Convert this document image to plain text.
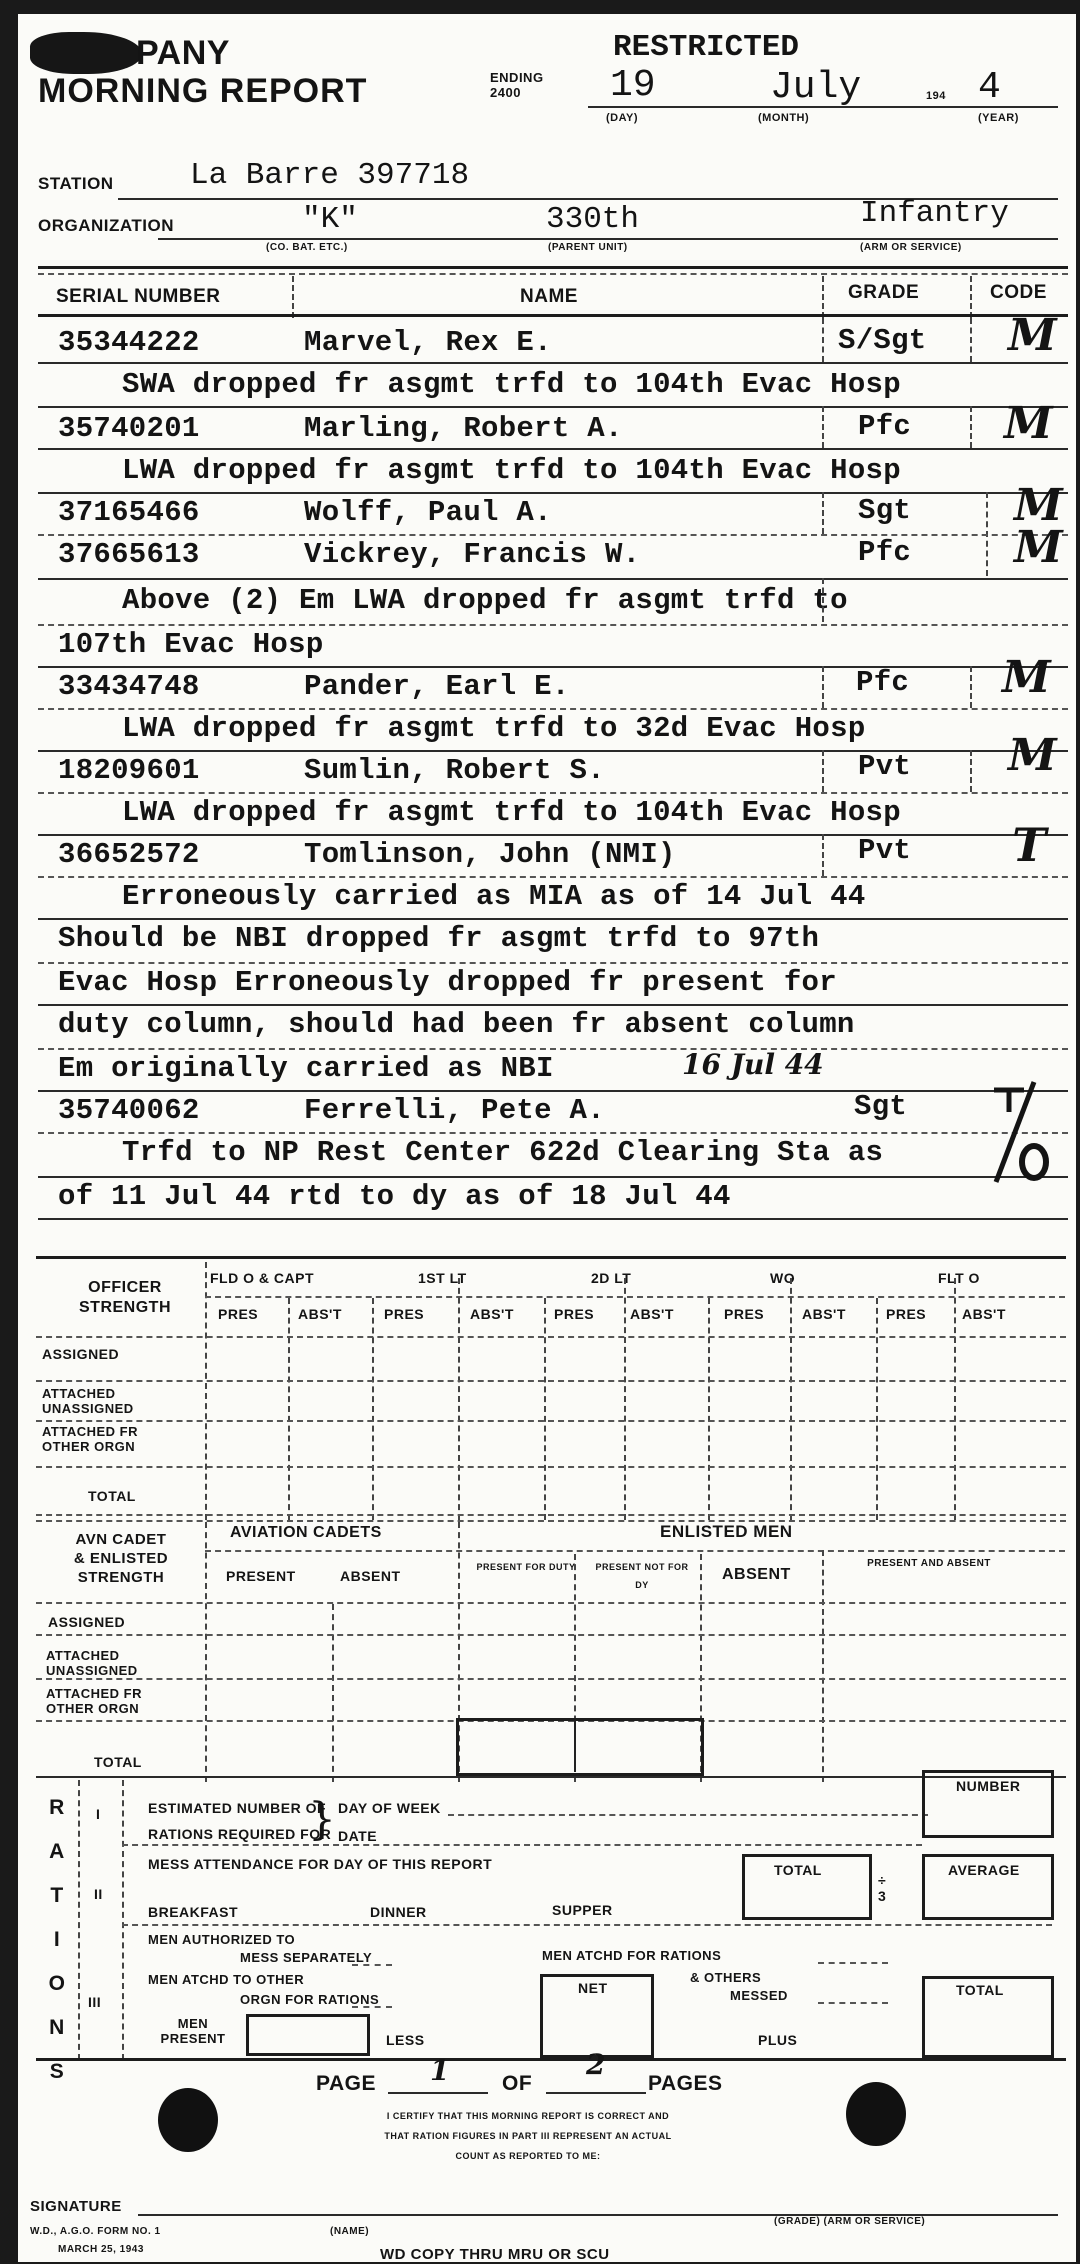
PANY
MORNING REPORT
RESTRICTED
ENDING
2400	19
(DAY)
July
(MONTH)
194 4
(YEAR)
STATION La Barre 397718
ORGANIZATION	"K"
(CO. BAT. ETC.)
330th
(PARENT UNIT)
Infantry
(ARM OR SERVICE)
SERIAL NUMBER	NAME	GRADE	CODE
35344222	Marvel, Rex E.	S/Sgt M
SWA dropped fr asgmt trfd to 104th Evac Hosp
35740201	Marling, Robert A.	Pfc M
LWA dropped fr asgmt trfd to 104th Evac Hosp
37165466	Wolff, Paul A.	Sgt M
37665613	Vickrey, Francis W.	Pfc M
Above (2) Em LWA dropped fr asgmt trfd to
107th Evac Hosp
33434748	Pander, Earl E.	Pfc M
LWA dropped fr asgmt trfd to 32d Evac Hosp
18209601	Sumlin, Robert S.	Pvt M
LWA dropped fr asgmt trfd to 104th Evac Hosp
36652572	Tomlinson, John (NMI)	Pvt T
Erroneously carried as MIA as of 14 Jul 44
Should be NBI dropped fr asgmt trfd to 97th
Evac Hosp Erroneously dropped fr present for
duty column, should had been fr absent column
Em originally carried as NBI	16 Jul 44
35740062	Ferrelli, Pete A.	Sgt
Trfd to NP Rest Center 622d Clearing Sta as
of 11 Jul 44 rtd to dy as of 18 Jul 44
OFFICER
STRENGTH
FLD O & CAPT	1ST LT	2D LT	WO	FLT O
PRES	ABS'T	PRES	ABS'T	PRES	ABS'T	PRES	ABS'T	PRES	ABS'T
ASSIGNED
ATTACHED UNASSIGNED
ATTACHED FR OTHER ORGN
TOTAL
AVN CADET
& ENLISTED
STRENGTH
AVIATION CADETS	ENLISTED MEN
PRESENT	ABSENT
PRESENT FOR DUTY	PRESENT NOT FOR DY
ABSENT
PRESENT AND ABSENT
ASSIGNED
ATTACHED UNASSIGNED
ATTACHED FR OTHER ORGN
TOTAL
R
A
T
I
O
N
S
I	ESTIMATED NUMBER OF
RATIONS REQUIRED FOR
} DAY OF WEEK
DATE
NUMBER
II
MESS ATTENDANCE FOR DAY OF THIS REPORT
BREAKFAST	DINNER	SUPPER
TOTAL
÷ 3
AVERAGE
III
MEN AUTHORIZED TO
MESS SEPARATELY
MEN ATCHD TO OTHER
ORGN FOR RATIONS
MEN PRESENT	LESS
NET
MEN ATCHD FOR RATIONS
& OTHERS
MESSED
PLUS
TOTAL
PAGE 1	OF
2
PAGES
I CERTIFY THAT THIS MORNING REPORT IS CORRECT AND
THAT RATION FIGURES IN PART III REPRESENT AN ACTUAL
COUNT AS REPORTED TO ME:
SIGNATURE
W.D., A.G.O. FORM NO. 1	(NAME)
(GRADE) (ARM OR SERVICE)
MARCH 25, 1943	WD COPY THRU MRU OR SCU
